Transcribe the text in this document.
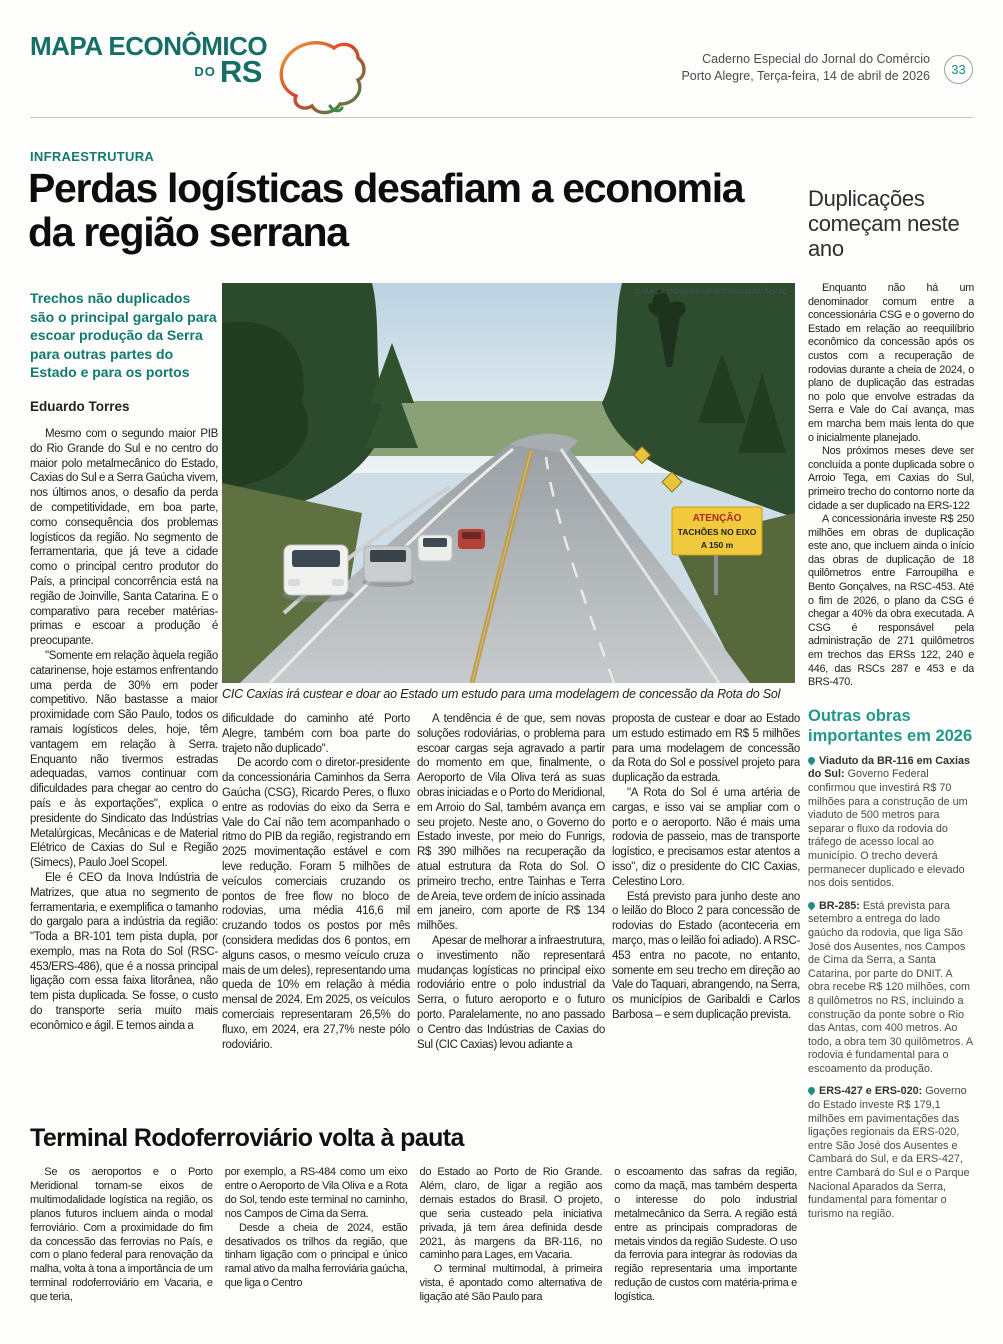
MAPA ECONÔMICO
$^{DO}$ RS	Caderno Especial do Jornal do Comércio
Porto Alegre, Terça-feira, 14 de abril de 2026 33
INFRAESTRUTURA
Perdas logísticas desafiam a economia da região serrana
Trechos não duplicados são o principal gargalo para escoar produção da Serra para outras partes do Estado e para os portos
Eduardo Torres

Mesmo com o segundo maior PIB do Rio Grande do Sul e no centro do maior polo metalmecânico do Estado, Caxias do Sul e a Serra Gaúcha vivem, nos últimos anos, o desafio da perda de competitividade, em boa parte, como consequência dos problemas logísticos da região. No segmento de ferramentaria, que já teve a cidade como o principal centro produtor do País, a principal concorrência está na região de Joinville, Santa Catarina. E o comparativo para receber matérias-primas e escoar a produção é preocupante.

"Somente em relação àquela região catarinense, hoje estamos enfrentando uma perda de 30% em poder competitivo. Não bastasse a maior proximidade com São Paulo, todos os ramais logísticos deles, hoje, têm vantagem em relação à Serra. Enquanto não tivermos estradas adequadas, vamos continuar com dificuldades para chegar ao centro do país e às exportações", explica o presidente do Sindicato das Indústrias Metalúrgicas, Mecânicas e de Material Elétrico de Caxias do Sul e Região (Simecs), Paulo Joel Scopel.

Ele é CEO da Inova Indústria de Matrizes, que atua no segmento de ferramentaria, e exemplifica o tamanho do gargalo para a indústria da região: "Toda a BR-101 tem pista dupla, por exemplo, mas na Rota do Sol (RSC-453/ERS-486), que é a nossa principal ligação com essa faixa litorânea, não tem pista duplicada. Se fosse, o custo do transporte seria muito mais econômico e ágil. E temos ainda a

dificuldade do caminho até Porto Alegre, também com boa parte do trajeto não duplicado".

De acordo com o diretor-presidente da concessionária Caminhos da Serra Gaúcha (CSG), Ricardo Peres, o fluxo entre as rodovias do eixo da Serra e Vale do Caí não tem acompanhado o ritmo do PIB da região, registrando em 2025 movimentação estável e com leve redução. Foram 5 milhões de veículos comerciais cruzando os pontos de free flow no bloco de rodovias, uma média 416,6 mil cruzando todos os postos por mês (considera medidas dos 6 pontos, em alguns casos, o mesmo veículo cruza mais de um deles), representando uma queda de 10% em relação à média mensal de 2024. Em 2025, os veículos comerciais representaram 26,5% do fluxo, em 2024, era 27,7% neste pólo rodoviário.

A tendência é de que, sem novas soluções rodoviárias, o problema para escoar cargas seja agravado a partir do momento em que, finalmente, o Aeroporto de Vila Oliva terá as suas obras iniciadas e o Porto do Meridional, em Arroio do Sal, também avança em seu projeto. Neste ano, o Governo do Estado investe, por meio do Funrigs, R$ 390 milhões na recuperação da atual estrutura da Rota do Sol. O primeiro trecho, entre Tainhas e Terra de Areia, teve ordem de início assinada em janeiro, com aporte de R$ 134 milhões.

Apesar de melhorar a infraestrutura, o investimento não representará mudanças logísticas no principal eixo rodoviário entre o polo industrial da Serra, o futuro aeroporto e o futuro porto. Paralelamente, no ano passado o Centro das Indústrias de Caxias do Sul (CIC Caxias) levou adiante a

proposta de custear e doar ao Estado um estudo estimado em R$ 5 milhões para uma modelagem de concessão da Rota do Sol e possível projeto para duplicação da estrada.

"A Rota do Sol é uma artéria de cargas, e isso vai se ampliar com o porto e o aeroporto. Não é mais uma rodovia de passeio, mas de transporte logístico, e precisamos estar atentos a isso", diz o presidente do CIC Caxias, Celestino Loro.

Está previsto para junho deste ano o leilão do Bloco 2 para concessão de rodovias do Estado (aconteceria em março, mas o leilão foi adiado). A RSC-453 entra no pacote, no entanto, somente em seu trecho em direção ao Vale do Taquari, abrangendo, na Serra, os municípios de Garibaldi e Carlos Barbosa – e sem duplicação prevista.

ATENÇÃO
TACHÕES NO EIXO
A 150 m
CAMILA DOMINGUES/DIVULGAÇÃO/JC
CIC Caxias irá custear e doar ao Estado um estudo para uma modelagem de concessão da Rota do Sol
Duplicações começam neste ano

Enquanto não há um denominador comum entre a concessionária CSG e o governo do Estado em relação ao reequilíbrio econômico da concessão após os custos com a recuperação de rodovias durante a cheia de 2024, o plano de duplicação das estradas no polo que envolve estradas da Serra e Vale do Caí avança, mas em marcha bem mais lenta do que o inicialmente planejado.

Nos próximos meses deve ser concluída a ponte duplicada sobre o Arroio Tega, em Caxias do Sul, primeiro trecho do contorno norte da cidade a ser duplicado na ERS-122

A concessionária investe R$ 250 milhões em obras de duplicação este ano, que incluem ainda o início das obras de duplicação de 18 quilômetros entre Farroupilha e Bento Gonçalves, na RSC-453. Até o fim de 2026, o plano da CSG é chegar a 40% da obra executada. A CSG é responsável pela administração de 271 quilômetros em trechos das ERSs 122, 240 e 446, das RSCs 287 e 453 e da BRS-470.

Outras obras importantes em 2026
Viaduto da BR-116 em Caxias do Sul: Governo Federal confirmou que investirá R$ 70 milhões para a construção de um viaduto de 500 metros para separar o fluxo da rodovia do tráfego de acesso local ao município. O trecho deverá permanecer duplicado e elevado nos dois sentidos.
BR-285: Está prevista para setembro a entrega do lado gaúcho da rodovia, que liga São José dos Ausentes, nos Campos de Cima da Serra, a Santa Catarina, por parte do DNIT. A obra recebe R$ 120 milhões, com 8 quilômetros no RS, incluindo a construção da ponte sobre o Rio das Antas, com 400 metros. Ao todo, a obra tem 30 quilômetros. A rodovia é fundamental para o escoamento da produção.
ERS-427 e ERS-020: Governo do Estado investe R$ 179,1 milhões em pavimentações das ligações regionais da ERS-020, entre São José dos Ausentes e Cambará do Sul, e da ERS-427, entre Cambará do Sul e o Parque Nacional Aparados da Serra, fundamental para fomentar o turismo na região.
Terminal Rodoferroviário volta à pauta

Se os aeroportos e o Porto Meridional tornam-se eixos de multimodalidade logística na região, os planos futuros incluem ainda o modal ferroviário. Com a proximidade do fim da concessão das ferrovias no País, e com o plano federal para renovação da malha, volta à tona a importância de um terminal rodoferroviário em Vacaria, e que teria,

por exemplo, a RS-484 como um eixo entre o Aeroporto de Vila Oliva e a Rota do Sol, tendo este terminal no caminho, nos Campos de Cima da Serra.

Desde a cheia de 2024, estão desativados os trilhos da região, que tinham ligação com o principal e único ramal ativo da malha ferroviária gaúcha, que liga o Centro

do Estado ao Porto de Rio Grande. Além, claro, de ligar a região aos demais estados do Brasil. O projeto, que seria custeado pela iniciativa privada, já tem área definida desde 2021, às margens da BR-116, no caminho para Lages, em Vacaria.

O terminal multimodal, à primeira vista, é apontado como alternativa de ligação até São Paulo para

o escoamento das safras da região, como da maçã, mas também desperta o interesse do polo industrial metalmecânico da Serra. A região está entre as principais compradoras de metais vindos da região Sudeste. O uso da ferrovia para integrar às rodovias da região representaria uma importante redução de custos com matéria-prima e logística.
